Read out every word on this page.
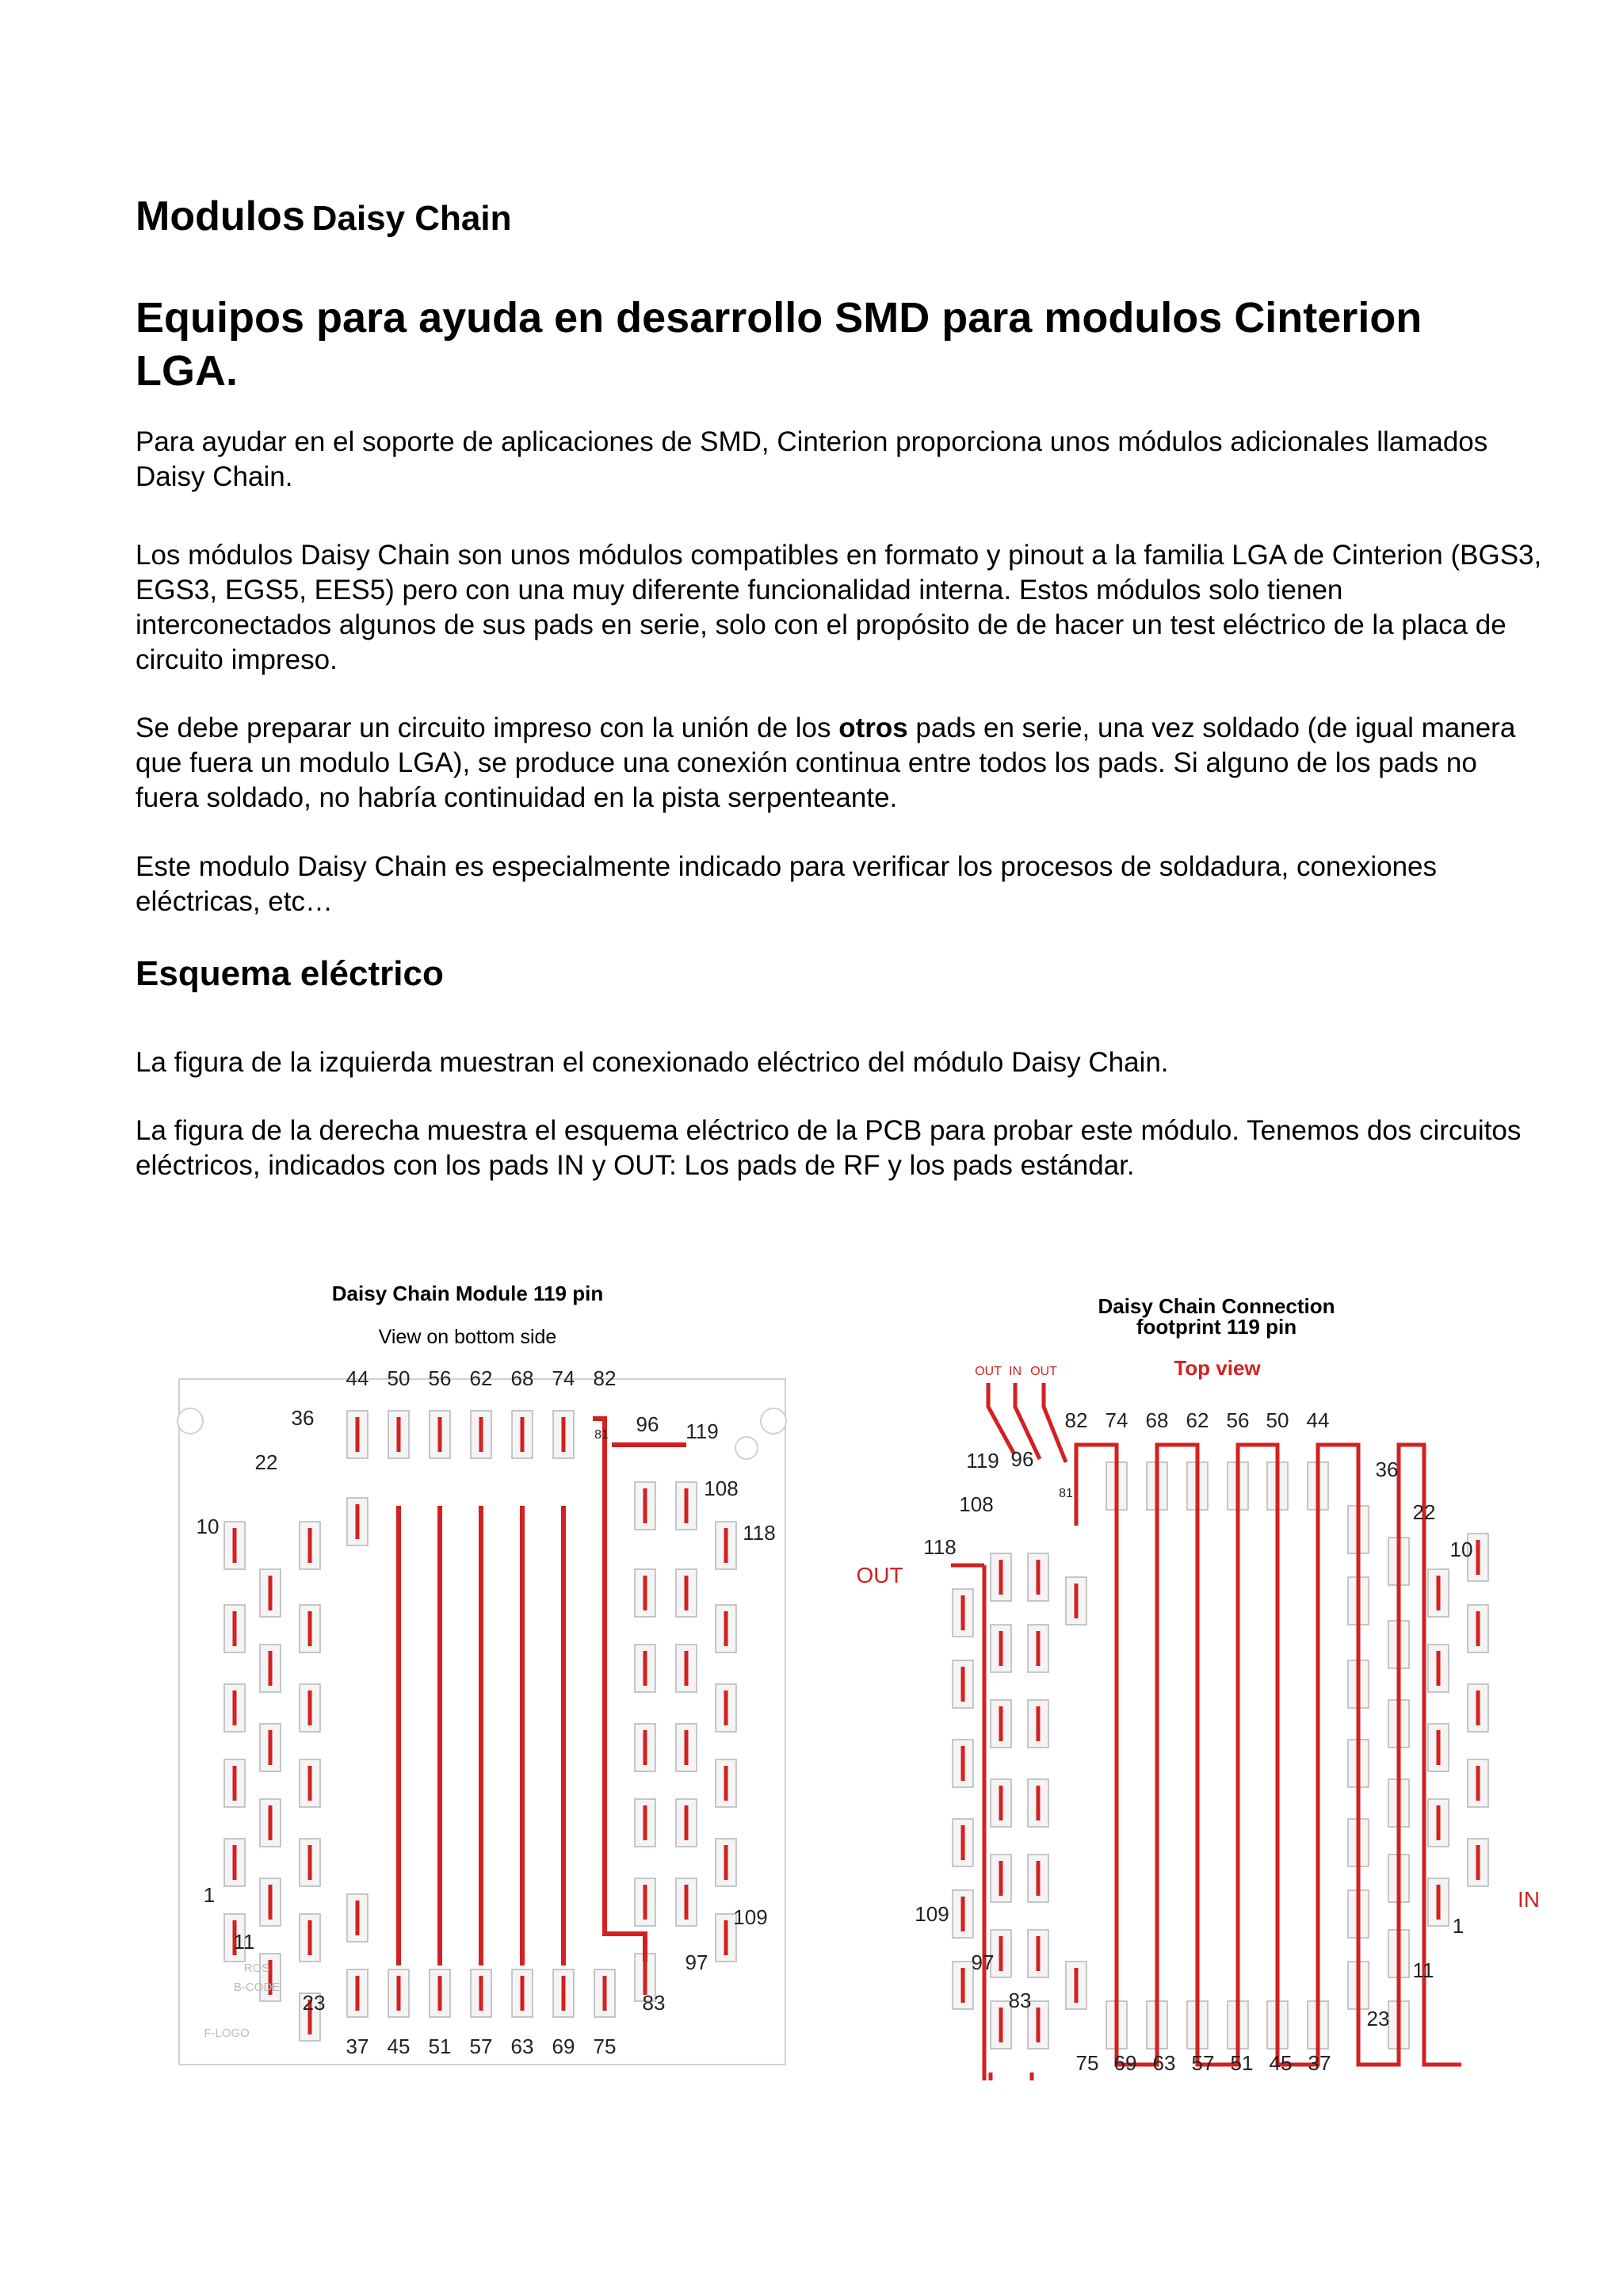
Modulos Daisy Chain
Equipos para ayuda en desarrollo SMD para modulos Cinterion LGA.

Para ayudar en el soporte de aplicaciones de SMD, Cinterion proporciona unos módulos adicionales llamados Daisy Chain.

Los módulos Daisy Chain son unos módulos compatibles en formato y pinout a la familia LGA de Cinterion (BGS3, EGS3, EGS5, EES5) pero con una muy diferente funcionalidad interna. Estos módulos solo tienen interconectados algunos de sus pads en serie, solo con el propósito de de hacer un test eléctrico de la placa de circuito impreso.

Se debe preparar un circuito impreso con la unión de los otros pads en serie, una vez soldado (de igual manera que fuera un modulo LGA), se produce una conexión continua entre todos los pads. Si alguno de los pads no fuera soldado, no habría continuidad en la pista serpenteante.

Este modulo Daisy Chain es especialmente indicado para verificar los procesos de soldadura, conexiones eléctricas, etc…

Esquema eléctrico

La figura de la izquierda muestran el conexionado eléctrico del módulo Daisy Chain.

La figura de la derecha muestra el esquema eléctrico de la PCB para probar este módulo. Tenemos dos circuitos eléctricos, indicados con los pads IN y OUT: Los pads de RF y los pads estándar.

Daisy Chain Module 119 pin
View on bottom side
44 50 56 62 68 74 82
37 45 51 57 63 69 75
36
22
10
81 96 119
108
118
1
11
23
97
109
83
ROS
B-CODE
F-LOGO
Daisy Chain Connection
footprint 119 pin
Top view
OUT IN OUT
82 74 68 62 56 50 44
75 69 63 57 51 45 37
119 96
81
108
118
36
22
10
109
97
83
1
11
23
OUT
IN
